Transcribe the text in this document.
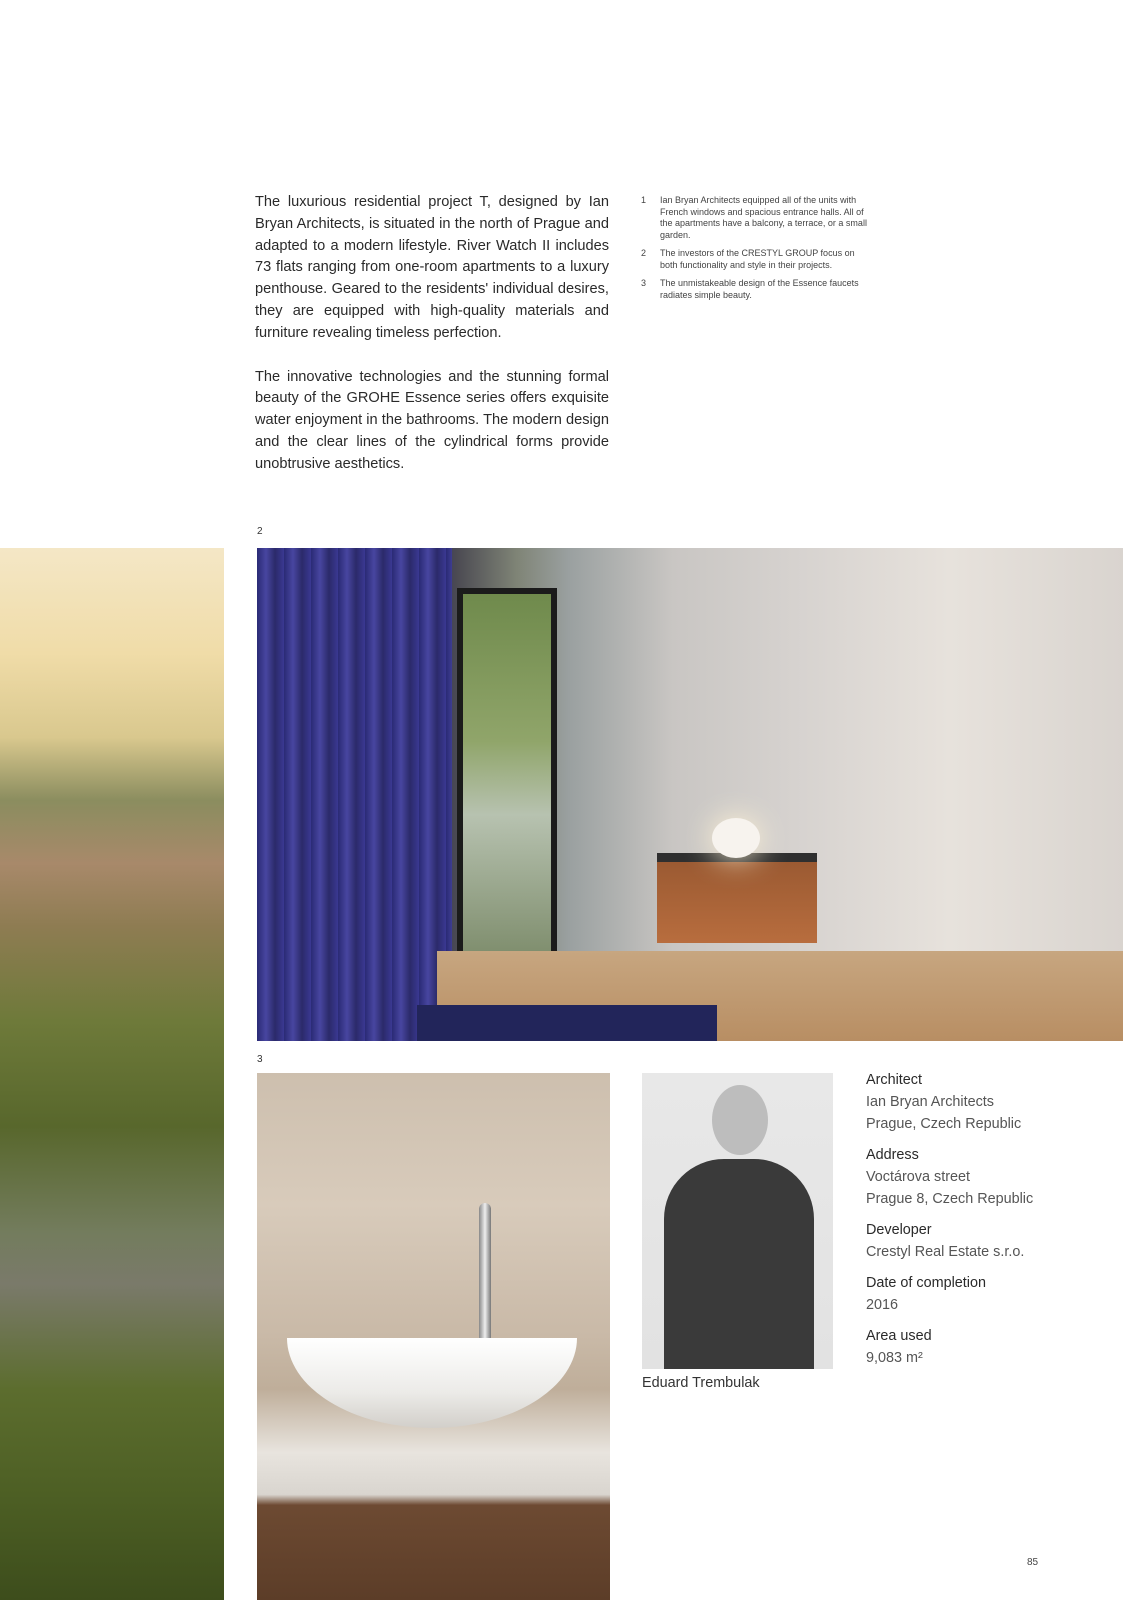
The luxurious residential project T, designed by Ian Bryan Architects, is situated in the north of Prague and adapted to a modern lifestyle. River Watch II includes 73 flats ranging from one-room apartments to a luxury penthouse. Geared to the residents' individual desires, they are equipped with high-quality materials and furniture revealing timeless perfection.

The innovative technologies and the stunning formal beauty of the GROHE Essence series offers exquisite water enjoyment in the bathrooms. The modern design and the clear lines of the cylindrical forms provide unobtrusive aesthetics.

1	Ian Bryan Architects equipped all of the units with French windows and spacious entrance halls. All of the apartments have a balcony, a terrace, or a small garden.
2	The investors of the CRESTYL GROUP focus on both functionality and style in their projects.
3	The unmistakeable design of the Essence faucets radiates simple beauty.
2
3
Eduard Trembulak
Architect
Ian Bryan Architects
Prague, Czech Republic
Address
Voctárova street
Prague 8, Czech Republic
Developer
Crestyl Real Estate s.r.o.
Date of completion
2016
Area used
9,083 m²
85
